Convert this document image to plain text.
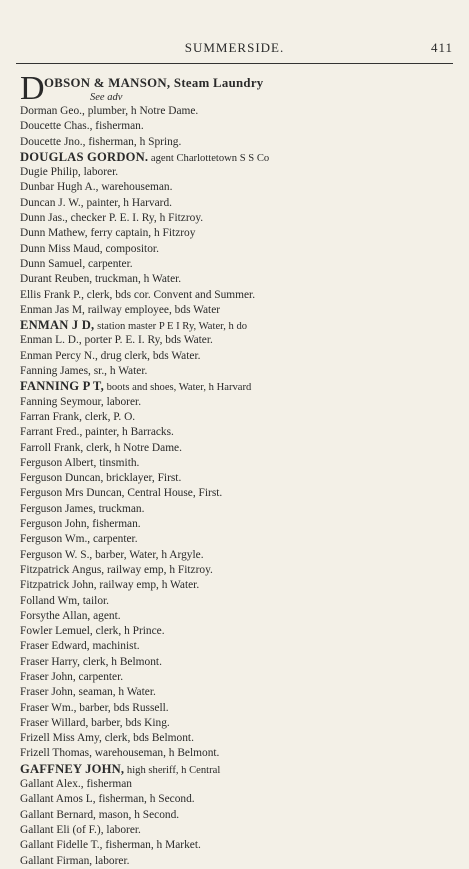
SUMMERSIDE.	411
D OBSON & MANSON, Steam Laundry
See adv
Dorman Geo., plumber, h Notre Dame.
Doucette Chas., fisherman.
Doucette Jno., fisherman, h Spring.
DOUGLAS GORDON. agent Charlottetown S S Co
Dugie Philip, laborer.
Dunbar Hugh A., warehouseman.
Duncan J. W., painter, h Harvard.
Dunn Jas., checker P. E. I. Ry, h Fitzroy.
Dunn Mathew, ferry captain, h Fitzroy
Dunn Miss Maud, compositor.
Dunn Samuel, carpenter.
Durant Reuben, truckman, h Water.
Ellis Frank P., clerk, bds cor. Convent and Summer.
Enman Jas M, railway employee, bds Water
ENMAN J D, station master P E I Ry, Water, h do
Enman L. D., porter P. E. I. Ry, bds Water.
Enman Percy N., drug clerk, bds Water.
Fanning James, sr., h Water.
FANNING P T, boots and shoes, Water, h Harvard
Fanning Seymour, laborer.
Farran Frank, clerk, P. O.
Farrant Fred., painter, h Barracks.
Farroll Frank, clerk, h Notre Dame.
Ferguson Albert, tinsmith.
Ferguson Duncan, bricklayer, First.
Ferguson Mrs Duncan, Central House, First.
Ferguson James, truckman.
Ferguson John, fisherman.
Ferguson Wm., carpenter.
Ferguson W. S., barber, Water, h Argyle.
Fitzpatrick Angus, railway emp, h Fitzroy.
Fitzpatrick John, railway emp, h Water.
Folland Wm, tailor.
Forsythe Allan, agent.
Fowler Lemuel, clerk, h Prince.
Fraser Edward, machinist.
Fraser Harry, clerk, h Belmont.
Fraser John, carpenter.
Fraser John, seaman, h Water.
Fraser Wm., barber, bds Russell.
Fraser Willard, barber, bds King.
Frizell Miss Amy, clerk, bds Belmont.
Frizell Thomas, warehouseman, h Belmont.
GAFFNEY JOHN, high sheriff, h Central
Gallant Alex., fisherman
Gallant Amos L, fisherman, h Second.
Gallant Bernard, mason, h Second.
Gallant Eli (of F.), laborer.
Gallant Fidelle T., fisherman, h Market.
Gallant Firman, laborer.
